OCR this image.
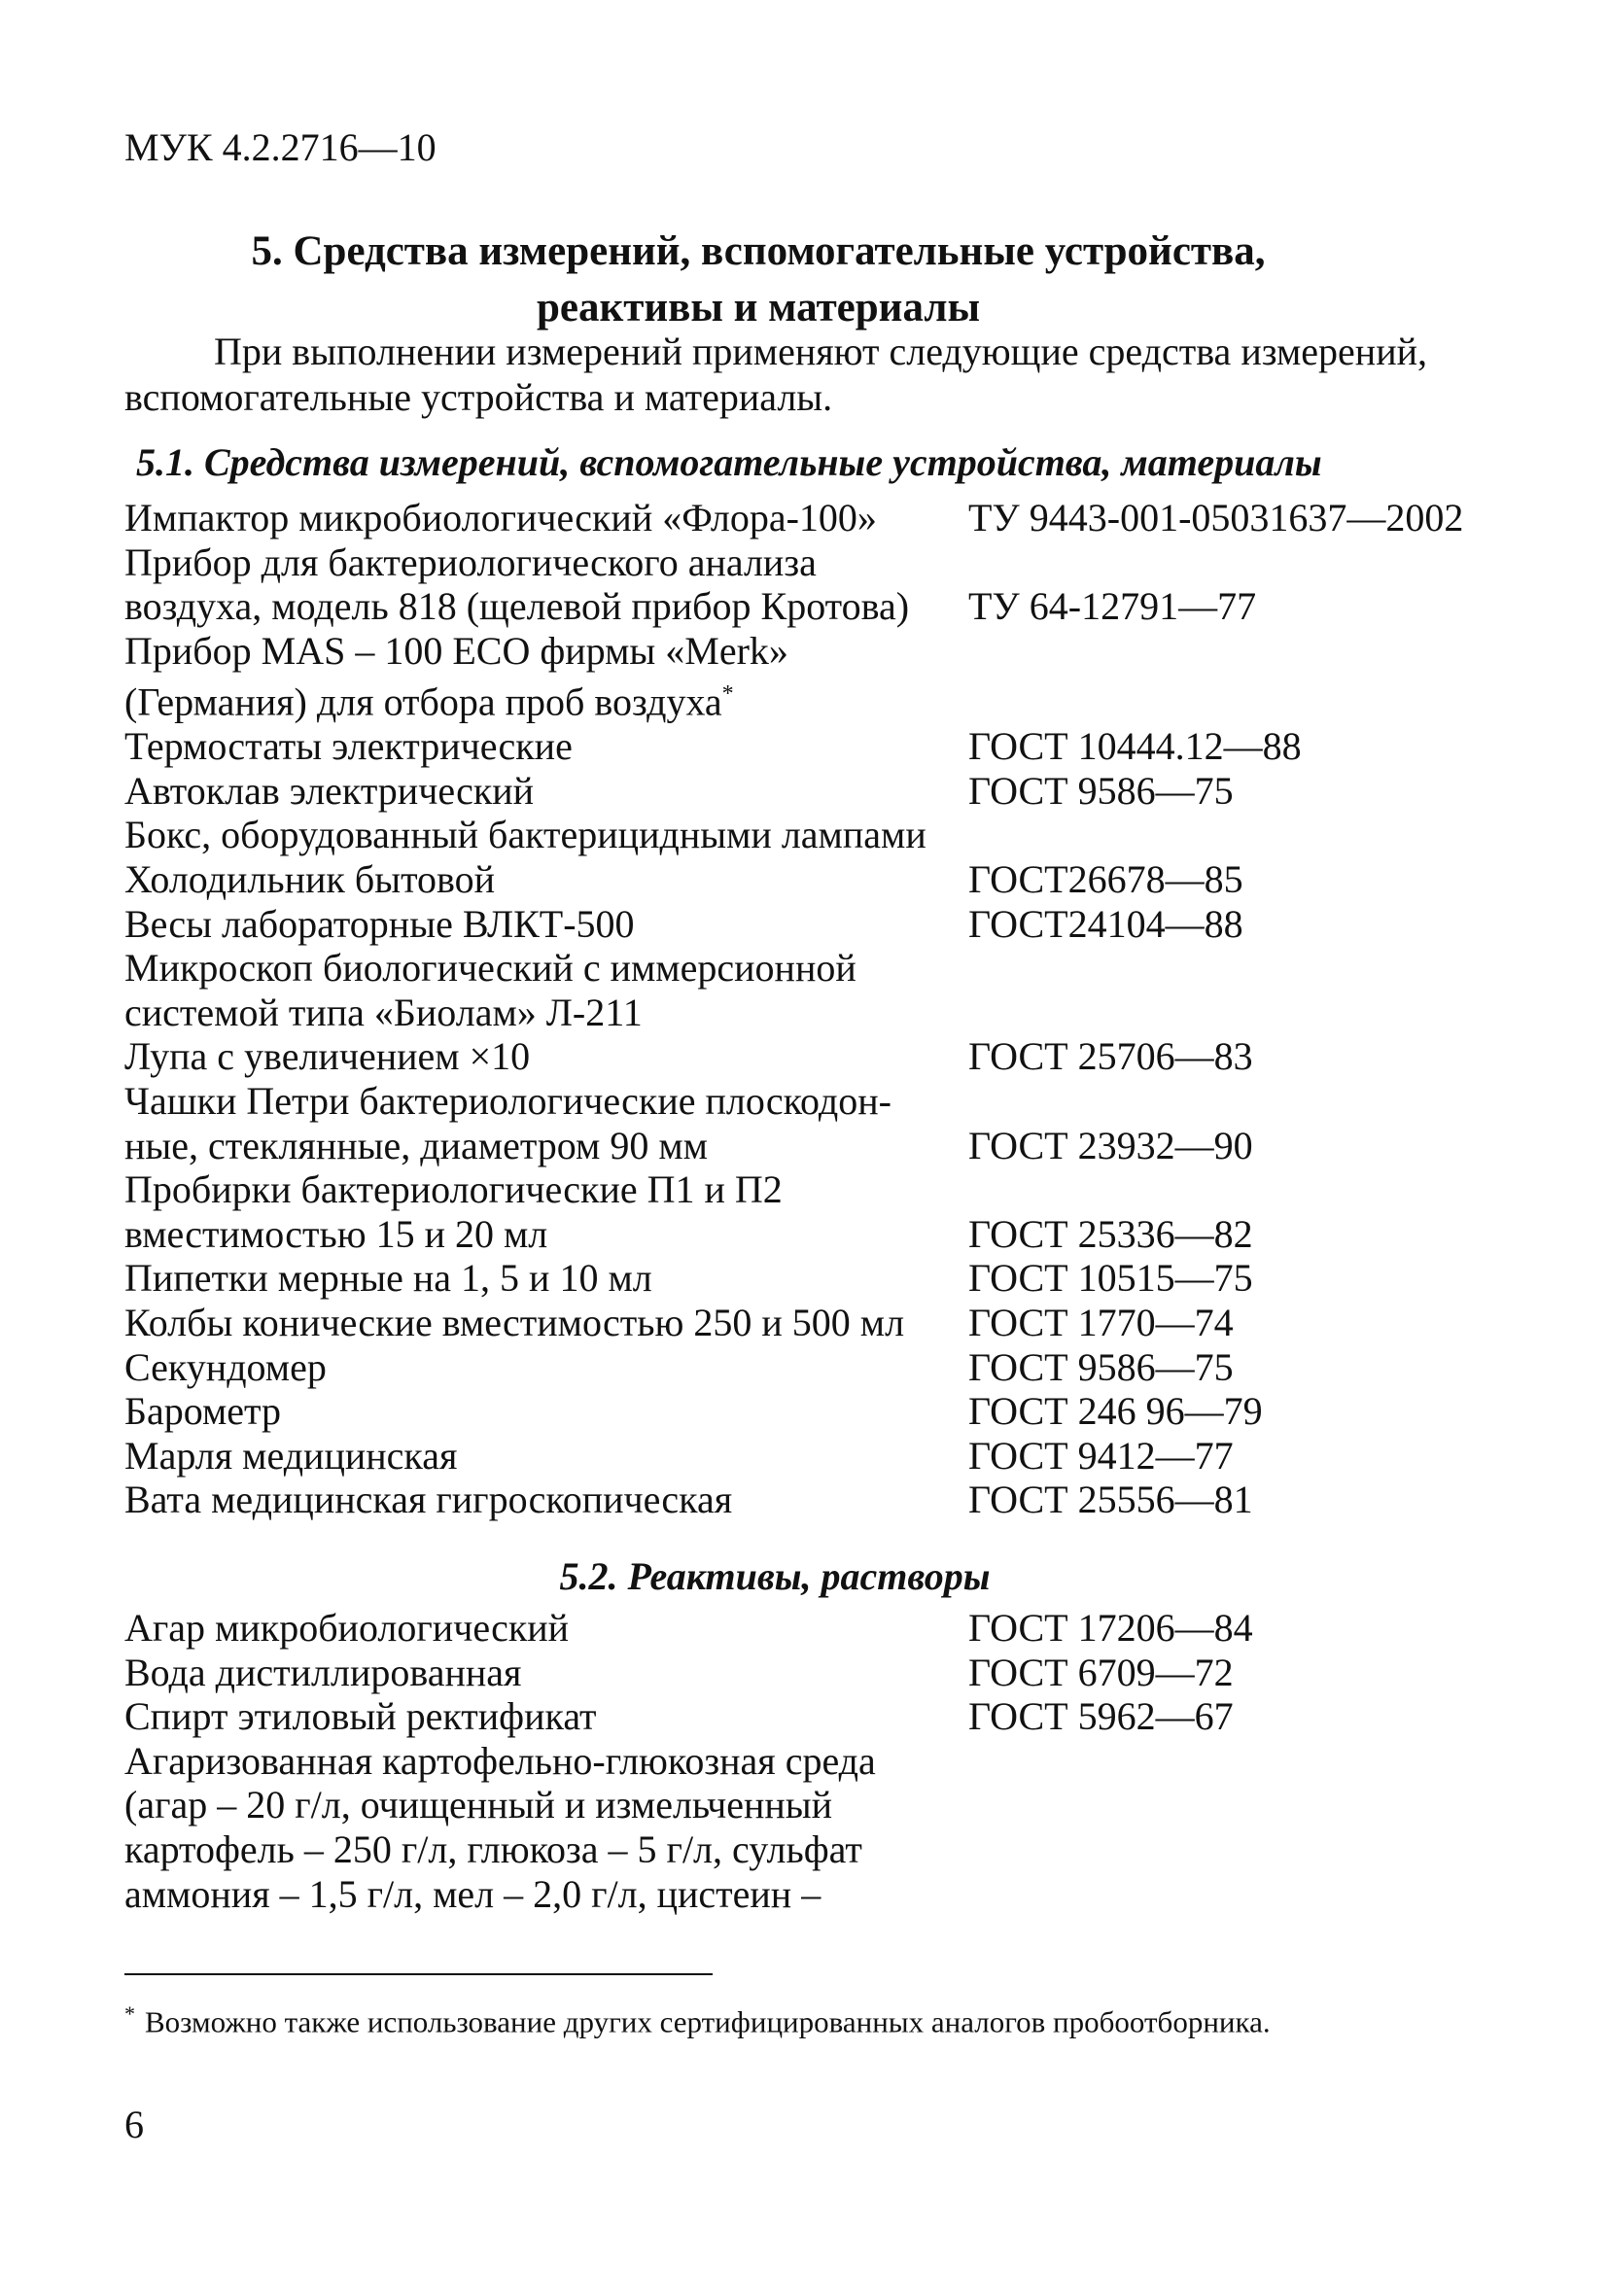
МУК 4.2.2716—10
5. Средства измерений, вспомогательные устройства,
реактивы и материалы
При выполнении измерений применяют следующие средства измерений, вспомогательные устройства и материалы.
5.1. Средства измерений, вспомогательные устройства, материалы
Импактор микробиологический «Флора-100»	ТУ 9443-001-05031637—2002
Прибор для бактериологического анализа
воздуха, модель 818 (щелевой прибор Кротова)	ТУ 64-12791—77
Прибор MAS – 100 ECO фирмы «Merk»
(Германия) для отбора проб воздуха*
Термостаты электрические	ГОСТ 10444.12—88
Автоклав электрический	ГОСТ 9586—75
Бокс, оборудованный бактерицидными лампами
Холодильник бытовой	ГОСТ26678—85
Весы лабораторные ВЛКТ-500	ГОСТ24104—88
Микроскоп биологический с иммерсионной
системой типа «Биолам» Л-211
Лупа с увеличением ×10	ГОСТ 25706—83
Чашки Петри бактериологические плоскодон-
ные, стеклянные, диаметром 90 мм	ГОСТ 23932—90
Пробирки бактериологические П1 и П2
вместимостью 15 и 20 мл	ГОСТ 25336—82
Пипетки мерные на 1, 5 и 10 мл	ГОСТ 10515—75
Колбы конические вместимостью 250 и 500 мл	ГОСТ 1770—74
Секундомер	ГОСТ 9586—75
Барометр	ГОСТ 246 96—79
Марля медицинская	ГОСТ 9412—77
Вата медицинская гигроскопическая	ГОСТ 25556—81
5.2. Реактивы, растворы
Агар микробиологический	ГОСТ 17206—84
Вода дистиллированная	ГОСТ 6709—72
Спирт этиловый ректификат	ГОСТ 5962—67
Агаризованная картофельно-глюкозная среда
(агар – 20 г/л, очищенный и измельченный
картофель – 250 г/л, глюкоза – 5 г/л, сульфат
аммония – 1,5 г/л, мел – 2,0 г/л, цистеин –
* Возможно также использование других сертифицированных аналогов пробоотборника.
6
